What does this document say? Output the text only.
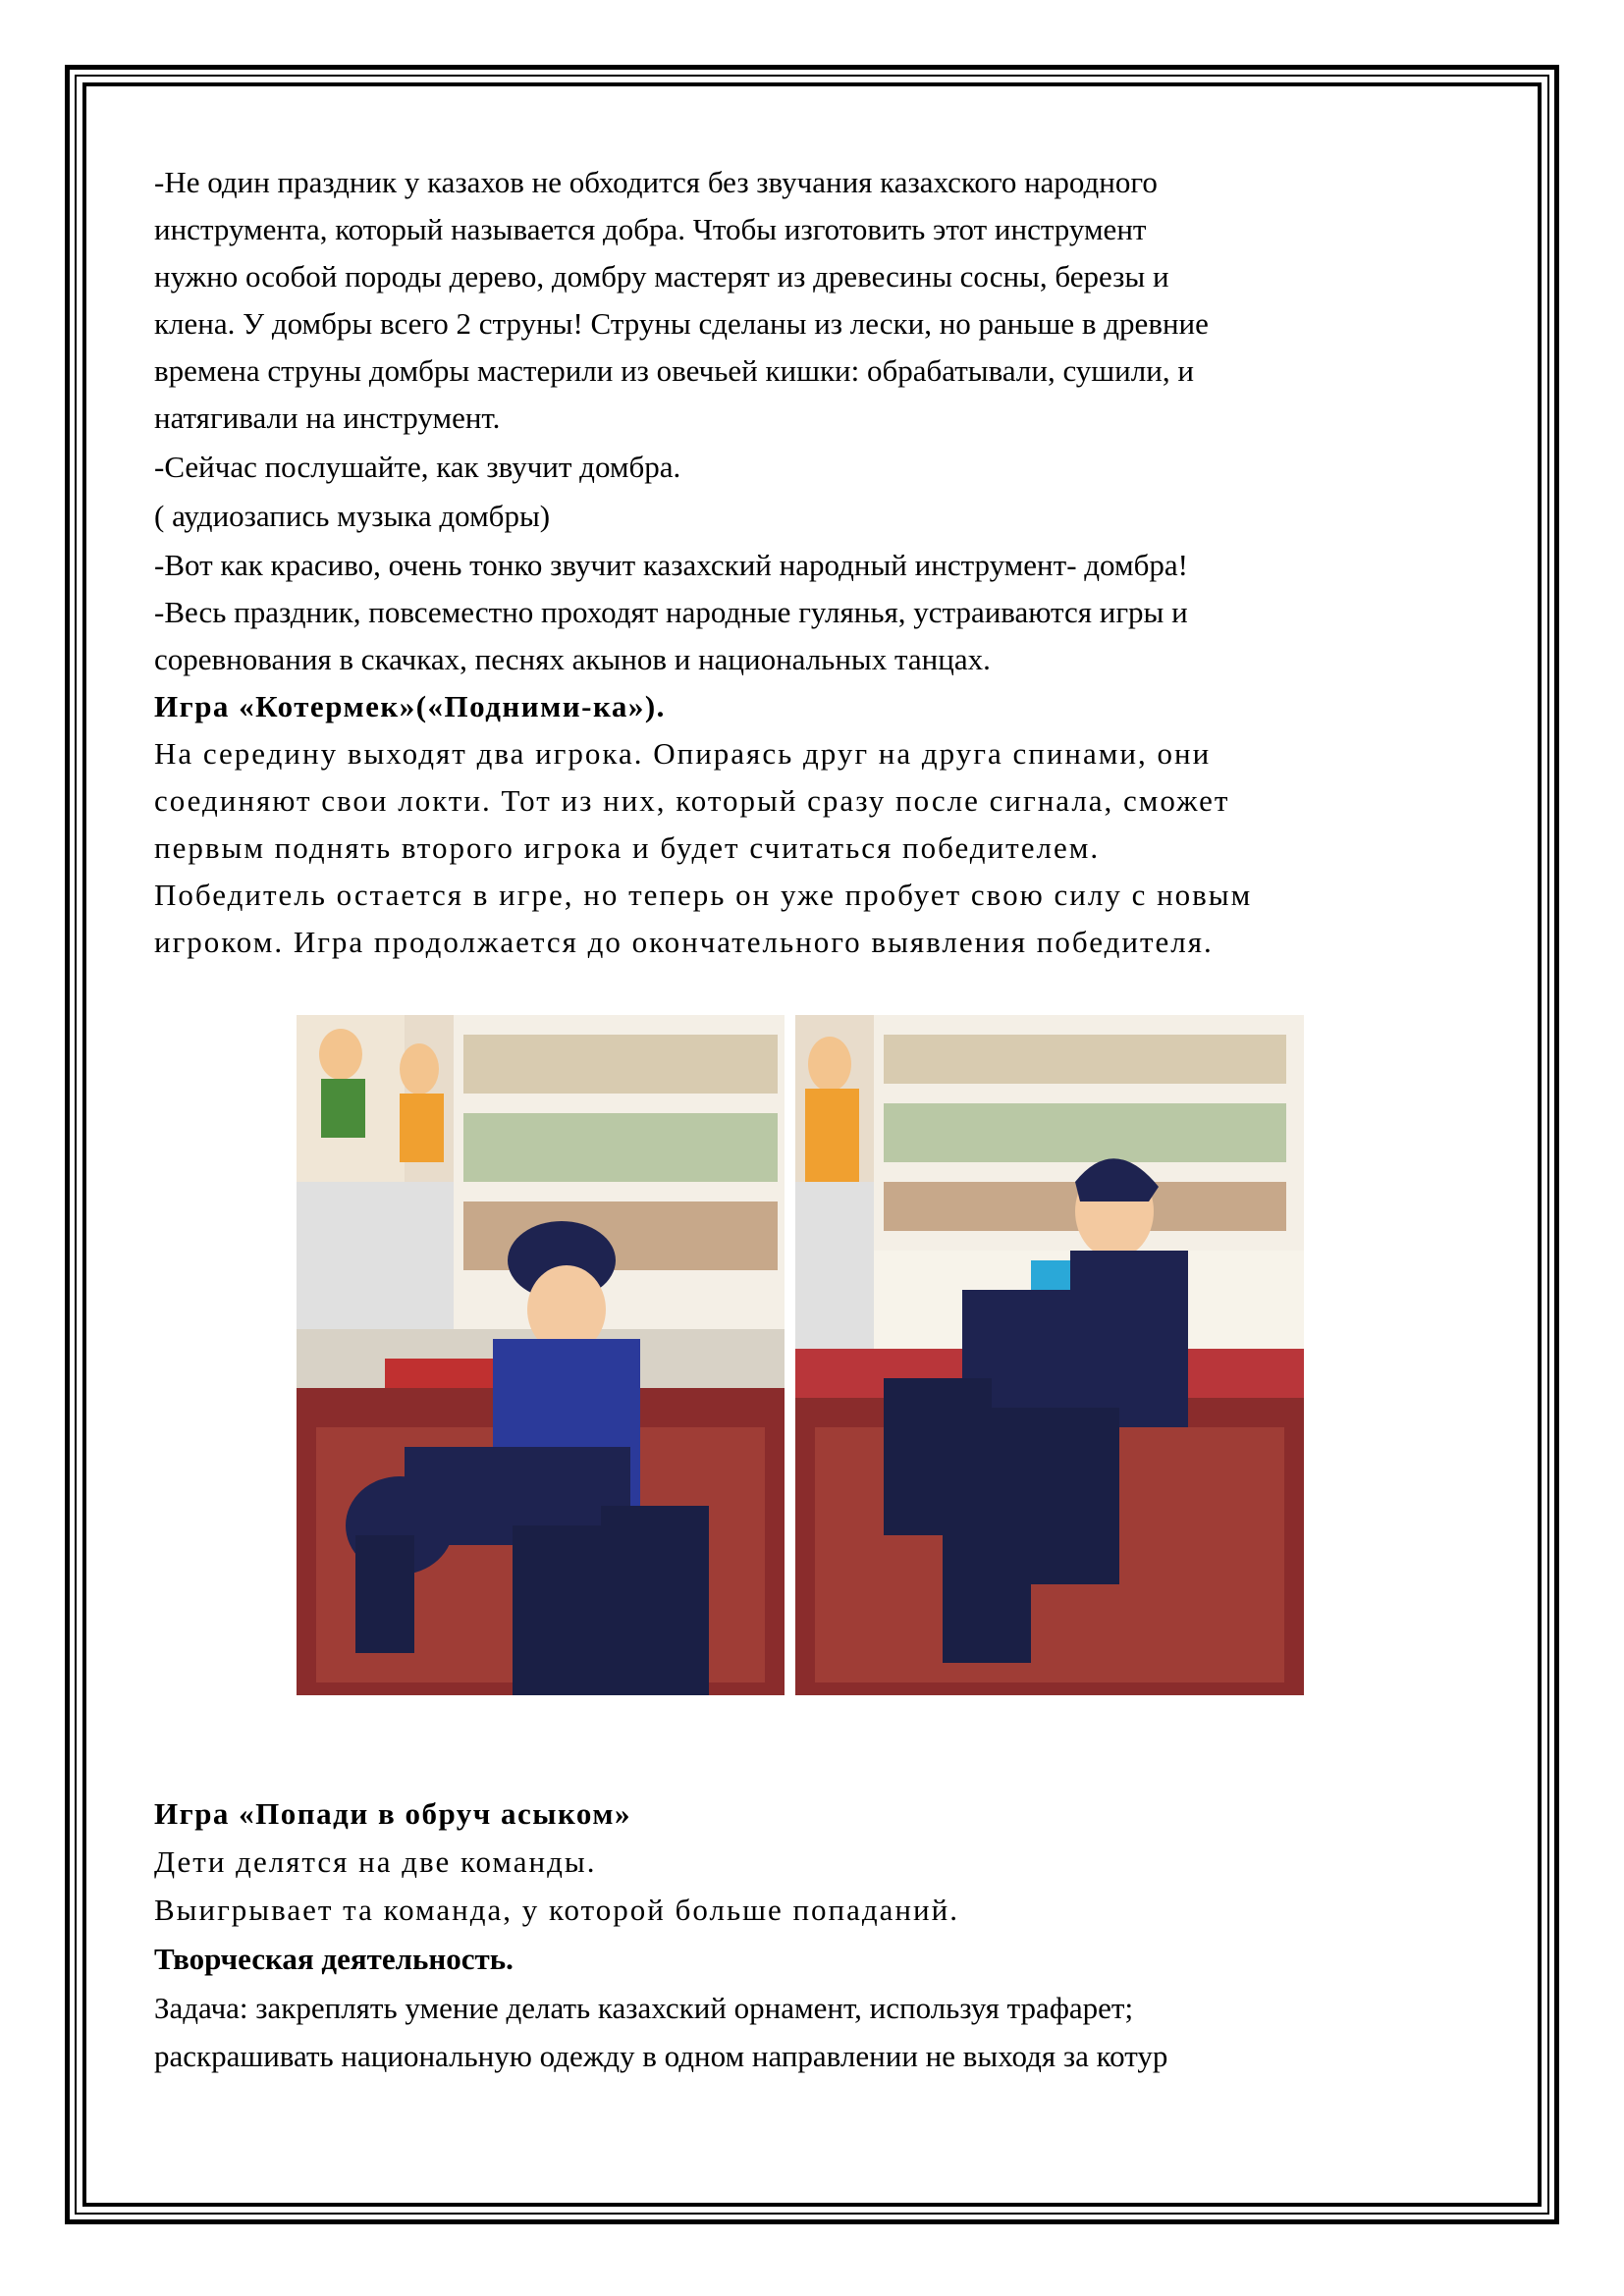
-Не один праздник у казахов не обходится без звучания казахского народного
инструмента, который называется добра. Чтобы изготовить этот инструмент
нужно особой породы дерево, домбру мастерят из древесины сосны, березы и
клена. У домбры всего 2 струны! Струны сделаны из лески, но раньше в древние
времена струны домбры мастерили из овечьей кишки: обрабатывали, сушили, и
натягивали на инструмент.
-Сейчас послушайте, как звучит домбра.
( аудиозапись музыка домбры)
-Вот как красиво, очень тонко звучит казахский народный инструмент- домбра!
-Весь праздник, повсеместно проходят народные гулянья, устраиваются игры и
соревнования в скачках, песнях акынов и национальных танцах.
Игра «Котермек»(«Подними-ка»).
На середину выходят два игрока. Опираясь друг на друга спинами, они
соединяют свои локти. Тот из них, который сразу после сигнала, сможет
первым поднять второго игрока и будет считаться победителем.
Победитель остается в игре, но теперь он уже пробует свою силу с новым
игроком. Игра продолжается до окончательного выявления победителя.
Игра «Попади в обруч асыком»
Дети делятся на две команды.
Выигрывает та команда, у которой больше попаданий.
Творческая деятельность.
Задача: закреплять умение делать казахский орнамент, используя трафарет;
раскрашивать национальную одежду в одном направлении не выходя за котур
